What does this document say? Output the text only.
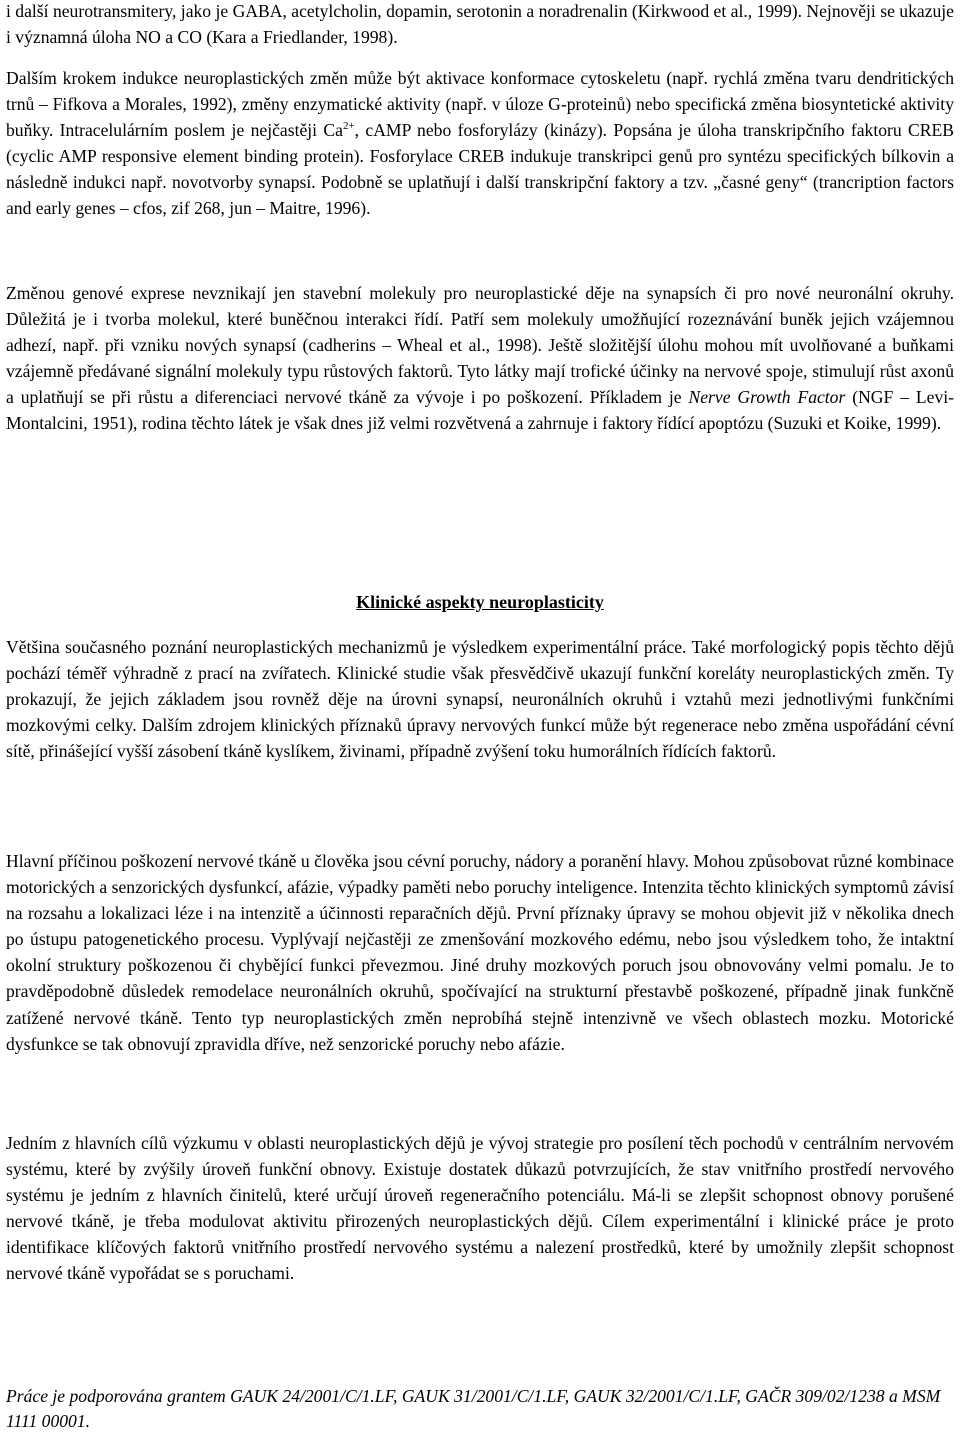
i další neurotransmitery, jako je GABA, acetylcholin, dopamin, serotonin a noradrenalin (Kirkwood et al., 1999). Nejnověji se ukazuje i významná úloha NO a CO (Kara a Friedlander, 1998).

Dalším krokem indukce neuroplastických změn může být aktivace konformace cytoskeletu (např. rychlá změna tvaru dendritických trnů – Fifkova a Morales, 1992), změny enzymatické aktivity (např. v úloze G-proteinů) nebo specifická změna biosyntetické aktivity buňky. Intracelulárním poslem je nejčastěji $Ca^{2+}$, cAMP nebo fosforylázy (kinázy). Popsána je úloha transkripčního faktoru CREB (cyclic AMP responsive element binding protein). Fosforylace CREB indukuje transkripci genů pro syntézu specifických bílkovin a následně indukci např. novotvorby synapsí. Podobně se uplatňují i další transkripční faktory a tzv. „časné geny“ (trancription factors and early genes – cfos, zif 268, jun – Maitre, 1996).

Změnou genové exprese nevznikají jen stavební molekuly pro neuroplastické děje na synapsích či pro nové neuronální okruhy. Důležitá je i tvorba molekul, které buněčnou interakci řídí. Patří sem molekuly umožňující rozeznávání buněk jejich vzájemnou adhezí, např. při vzniku nových synapsí (cadherins – Wheal et al., 1998). Ještě složitější úlohu mohou mít uvolňované a buňkami vzájemně předávané signální molekuly typu růstových faktorů. Tyto látky mají trofické účinky na nervové spoje, stimulují růst axonů a uplatňují se při růstu a diferenciaci nervové tkáně za vývoje i po poškození. Příkladem je Nerve Growth Factor (NGF – Levi-Montalcini, 1951), rodina těchto látek je však dnes již velmi rozvětvená a zahrnuje i faktory řídící apoptózu (Suzuki et Koike, 1999).

Klinické aspekty neuroplasticity

Většina současného poznání neuroplastických mechanizmů je výsledkem experimentální práce. Také morfologický popis těchto dějů pochází téměř výhradně z prací na zvířatech. Klinické studie však přesvědčivě ukazují funkční koreláty neuroplastických změn. Ty prokazují, že jejich základem jsou rovněž děje na úrovni synapsí, neuronálních okruhů i vztahů mezi jednotlivými funkčními mozkovými celky. Dalším zdrojem klinických příznaků úpravy nervových funkcí může být regenerace nebo změna uspořádání cévní sítě, přinášející vyšší zásobení tkáně kyslíkem, živinami, případně zvýšení toku humorálních řídících faktorů.

Hlavní příčinou poškození nervové tkáně u člověka jsou cévní poruchy, nádory a poranění hlavy. Mohou způsobovat různé kombinace motorických a senzorických dysfunkcí, afázie, výpadky paměti nebo poruchy inteligence. Intenzita těchto klinických symptomů závisí na rozsahu a lokalizaci léze i na intenzitě a účinnosti reparačních dějů. První příznaky úpravy se mohou objevit již v několika dnech po ústupu patogenetického procesu. Vyplývají nejčastěji ze zmenšování mozkového edému, nebo jsou výsledkem toho, že intaktní okolní struktury poškozenou či chybějící funkci převezmou. Jiné druhy mozkových poruch jsou obnovovány velmi pomalu. Je to pravděpodobně důsledek remodelace neuronálních okruhů, spočívající na strukturní přestavbě poškozené, případně jinak funkčně zatížené nervové tkáně. Tento typ neuroplastických změn neprobíhá stejně intenzivně ve všech oblastech mozku. Motorické dysfunkce se tak obnovují zpravidla dříve, než senzorické poruchy nebo afázie.

Jedním z hlavních cílů výzkumu v oblasti neuroplastických dějů je vývoj strategie pro posílení těch pochodů v centrálním nervovém systému, které by zvýšily úroveň funkční obnovy. Existuje dostatek důkazů potvrzujících, že stav vnitřního prostředí nervového systému je jedním z hlavních činitelů, které určují úroveň regeneračního potenciálu. Má-li se zlepšit schopnost obnovy porušené nervové tkáně, je třeba modulovat aktivitu přirozených neuroplastických dějů. Cílem experimentální i klinické práce je proto identifikace klíčových faktorů vnitřního prostředí nervového systému a nalezení prostředků, které by umožnily zlepšit schopnost nervové tkáně vypořádat se s poruchami.

Práce je podporována grantem GAUK 24/2001/C/1.LF, GAUK 31/2001/C/1.LF, GAUK 32/2001/C/1.LF, GAČR 309/02/1238 a MSM 1111 00001.
